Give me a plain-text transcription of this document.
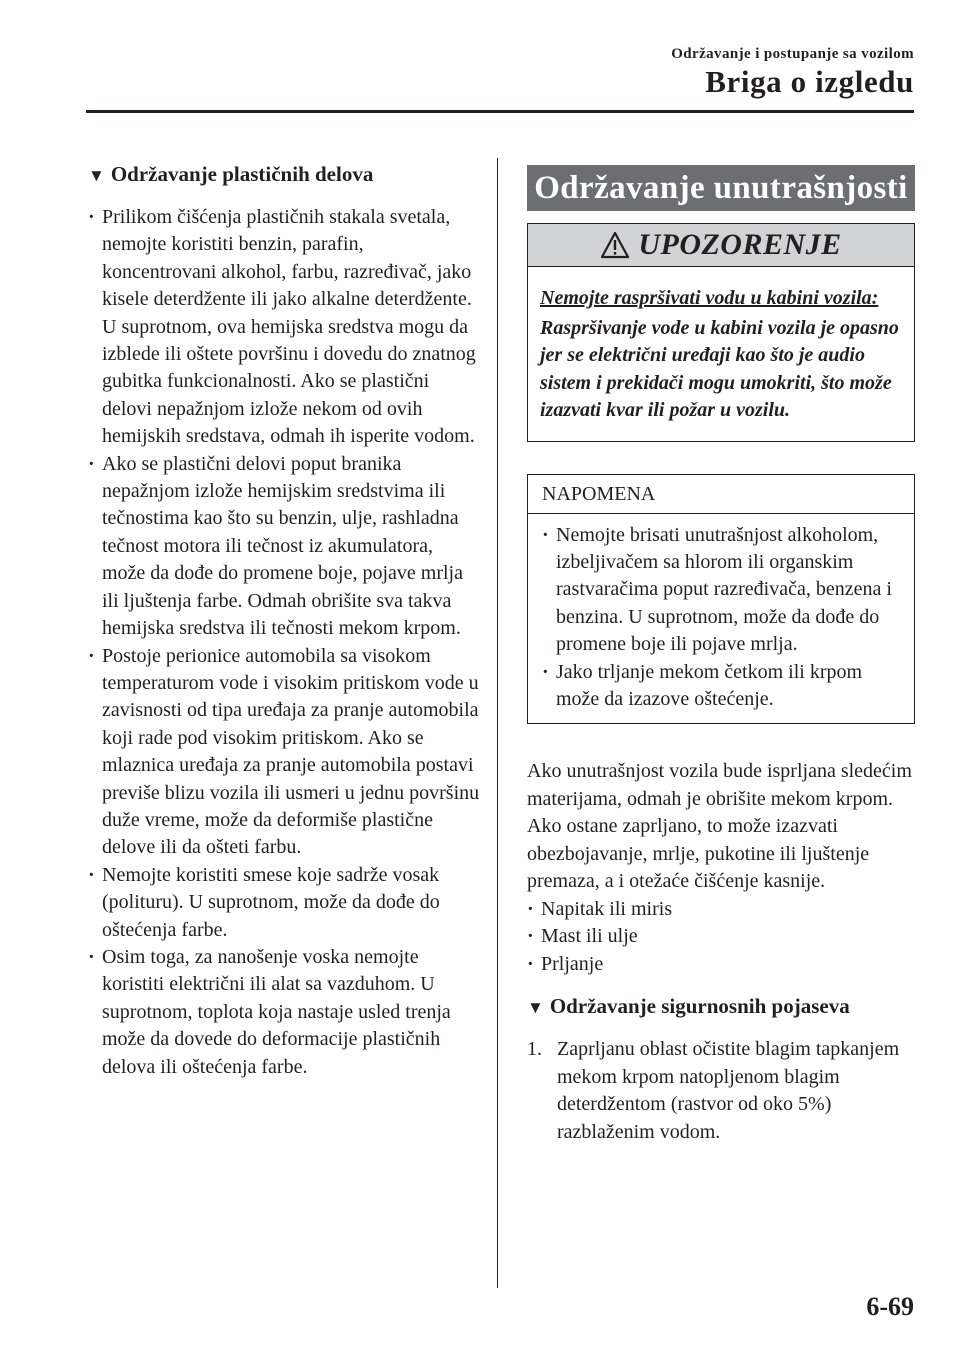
Održavanje i postupanje sa vozilom
Briga o izgledu
▼ Održavanje plastičnih delova
· Prilikom čišćenja plastičnih stakala svetala, nemojte koristiti benzin, parafin, koncentrovani alkohol, farbu, razređivač, jako kisele deterdžente ili jako alkalne deterdžente. U suprotnom, ova hemijska sredstva mogu da izblede ili oštete površinu i dovedu do znatnog gubitka funkcionalnosti. Ako se plastični delovi nepažnjom izlože nekom od ovih hemijskih sredstava, odmah ih isperite vodom.
· Ako se plastični delovi poput branika nepažnjom izlože hemijskim sredstvima ili tečnostima kao što su benzin, ulje, rashladna tečnost motora ili tečnost iz akumulatora, može da dođe do promene boje, pojave mrlja ili ljuštenja farbe. Odmah obrišite sva takva hemijska sredstva ili tečnosti mekom krpom.
· Postoje perionice automobila sa visokom temperaturom vode i visokim pritiskom vode u zavisnosti od tipa uređaja za pranje automobila koji rade pod visokim pritiskom. Ako se mlaznica uređaja za pranje automobila postavi previše blizu vozila ili usmeri u jednu površinu duže vreme, može da deformiše plastične delove ili da ošteti farbu.
· Nemojte koristiti smese koje sadrže vosak (polituru). U suprotnom, može da dođe do oštećenja farbe.
· Osim toga, za nanošenje voska nemojte koristiti električni ili alat sa vazduhom. U suprotnom, toplota koja nastaje usled trenja može da dovede do deformacije plastičnih delova ili oštećenja farbe.
Održavanje unutrašnjosti
UPOZORENJE
Nemojte raspršivati vodu u kabini vozila:
Raspršivanje vode u kabini vozila je opasno jer se električni uređaji kao što je audio sistem i prekidači mogu umokriti, što može izazvati kvar ili požar u vozilu.
NAPOMENA
· Nemojte brisati unutrašnjost alkoholom, izbeljivačem sa hlorom ili organskim rastvaračima poput razređivača, benzena i benzina. U suprotnom, može da dođe do promene boje ili pojave mrlja.
· Jako trljanje mekom četkom ili krpom može da izazove oštećenje.

Ako unutrašnjost vozila bude isprljana sledećim materijama, odmah je obrišite mekom krpom.

Ako ostane zaprljano, to može izazvati obezbojavanje, mrlje, pukotine ili ljuštenje premaza, a i otežaće čišćenje kasnije.

· Napitak ili miris
· Mast ili ulje
· Prljanje
▼ Održavanje sigurnosnih pojaseva
1. Zaprljanu oblast očistite blagim tapkanjem mekom krpom natopljenom blagim deterdžentom (rastvor od oko 5%) razblaženim vodom.
6-69
